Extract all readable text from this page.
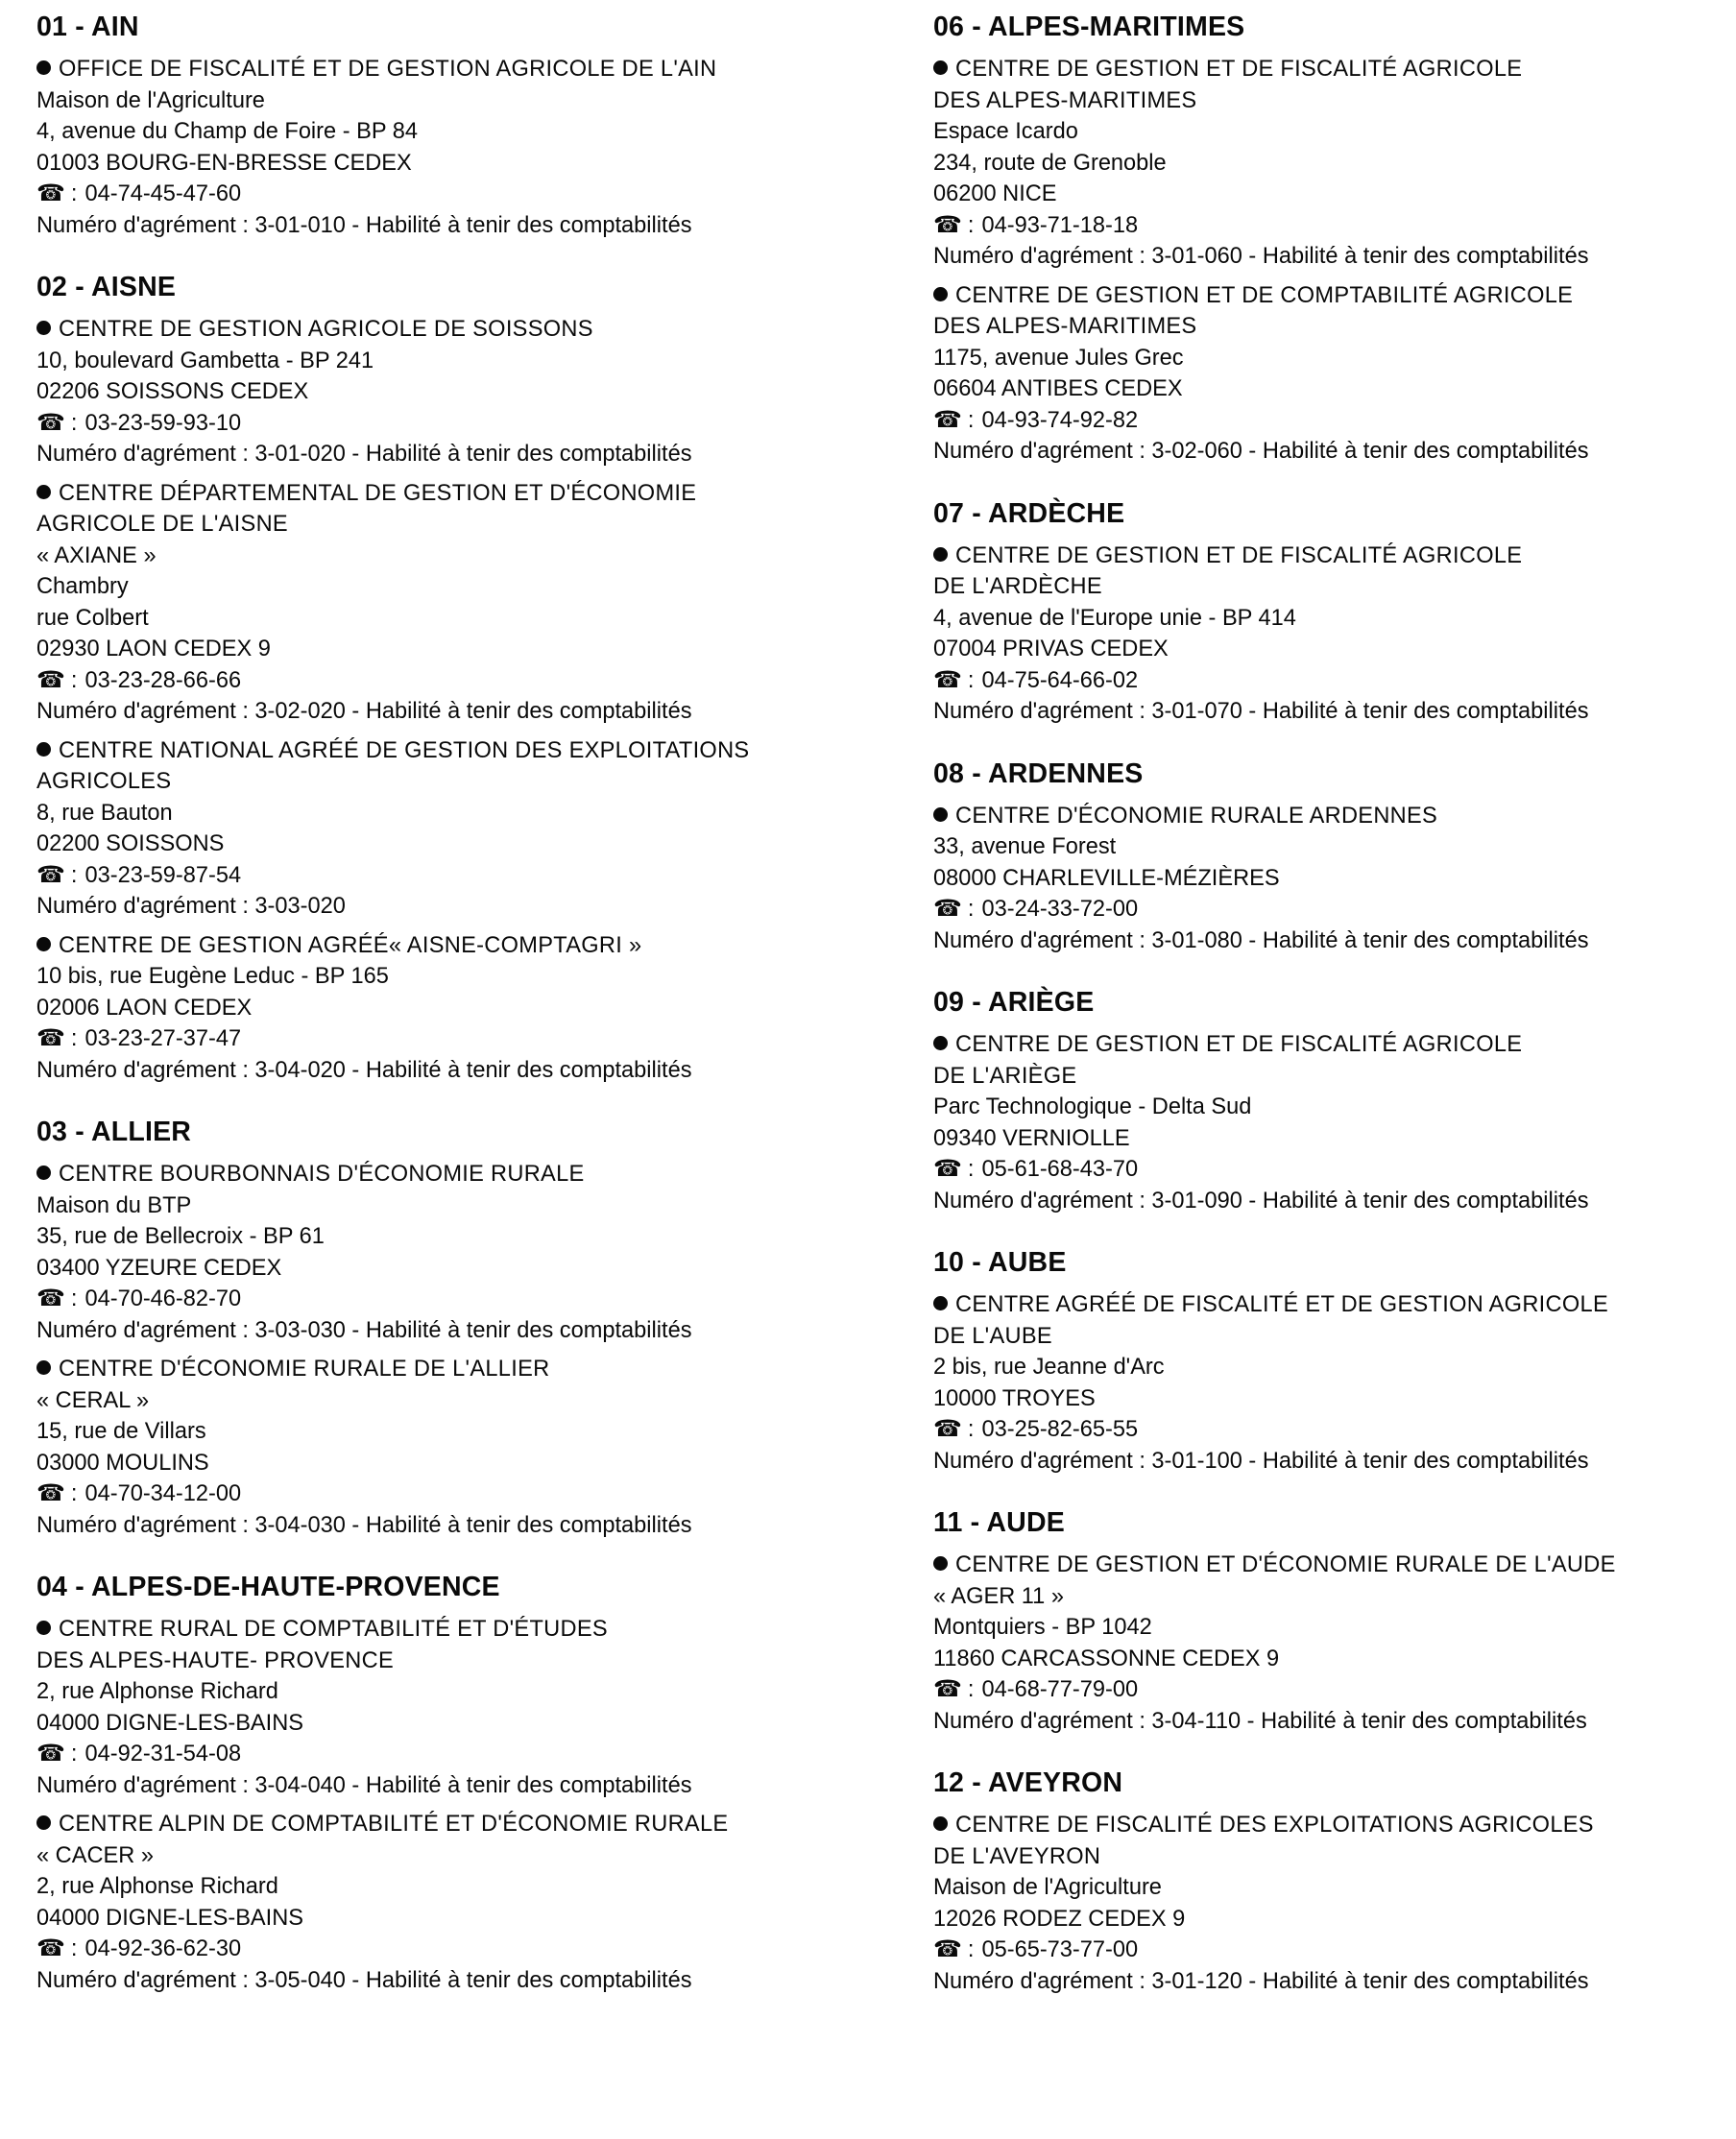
01 - AIN
OFFICE DE FISCALITÉ ET DE GESTION AGRICOLE DE L'AIN
Maison de l'Agriculture
4, avenue du Champ de Foire - BP 84
01003 BOURG-EN-BRESSE CEDEX
☎ : 04-74-45-47-60
Numéro d'agrément : 3-01-010 - Habilité à tenir des comptabilités
02 - AISNE
CENTRE DE GESTION AGRICOLE DE SOISSONS
10, boulevard Gambetta - BP 241
02206 SOISSONS CEDEX
☎ : 03-23-59-93-10
Numéro d'agrément : 3-01-020 - Habilité à tenir des comptabilités
CENTRE DÉPARTEMENTAL DE GESTION ET D'ÉCONOMIE
AGRICOLE DE L'AISNE
« AXIANE »
Chambry
rue Colbert
02930 LAON CEDEX 9
☎ : 03-23-28-66-66
Numéro d'agrément : 3-02-020 - Habilité à tenir des comptabilités
CENTRE NATIONAL AGRÉÉ DE GESTION DES EXPLOITATIONS
AGRICOLES
8, rue Bauton
02200 SOISSONS
☎ : 03-23-59-87-54
Numéro d'agrément : 3-03-020
CENTRE DE GESTION AGRÉÉ« AISNE-COMPTAGRI »
10 bis, rue Eugène Leduc - BP 165
02006 LAON CEDEX
☎ : 03-23-27-37-47
Numéro d'agrément : 3-04-020 - Habilité à tenir des comptabilités
03 - ALLIER
CENTRE BOURBONNAIS D'ÉCONOMIE RURALE
Maison du BTP
35, rue de Bellecroix - BP 61
03400 YZEURE CEDEX
☎ : 04-70-46-82-70
Numéro d'agrément : 3-03-030 - Habilité à tenir des comptabilités
CENTRE D'ÉCONOMIE RURALE DE L'ALLIER
« CERAL »
15, rue de Villars
03000 MOULINS
☎ : 04-70-34-12-00
Numéro d'agrément : 3-04-030 - Habilité à tenir des comptabilités
04 - ALPES-DE-HAUTE-PROVENCE
CENTRE RURAL DE COMPTABILITÉ ET D'ÉTUDES
DES ALPES-HAUTE- PROVENCE
2, rue Alphonse Richard
04000 DIGNE-LES-BAINS
☎ : 04-92-31-54-08
Numéro d'agrément : 3-04-040 - Habilité à tenir des comptabilités
CENTRE ALPIN DE COMPTABILITÉ ET D'ÉCONOMIE RURALE
« CACER »
2, rue Alphonse Richard
04000 DIGNE-LES-BAINS
☎ : 04-92-36-62-30
Numéro d'agrément : 3-05-040 - Habilité à tenir des comptabilités
06 - ALPES-MARITIMES
CENTRE DE GESTION ET DE FISCALITÉ AGRICOLE
DES ALPES-MARITIMES
Espace Icardo
234, route de Grenoble
06200 NICE
☎ : 04-93-71-18-18
Numéro d'agrément : 3-01-060 - Habilité à tenir des comptabilités
CENTRE DE GESTION ET DE COMPTABILITÉ AGRICOLE
DES ALPES-MARITIMES
1175, avenue Jules Grec
06604 ANTIBES CEDEX
☎ : 04-93-74-92-82
Numéro d'agrément : 3-02-060 - Habilité à tenir des comptabilités
07 - ARDÈCHE
CENTRE DE GESTION ET DE FISCALITÉ AGRICOLE
DE L'ARDÈCHE
4, avenue de l'Europe unie - BP 414
07004 PRIVAS CEDEX
☎ : 04-75-64-66-02
Numéro d'agrément : 3-01-070 - Habilité à tenir des comptabilités
08 - ARDENNES
CENTRE D'ÉCONOMIE RURALE ARDENNES
33, avenue Forest
08000 CHARLEVILLE-MÉZIÈRES
☎ : 03-24-33-72-00
Numéro d'agrément : 3-01-080 - Habilité à tenir des comptabilités
09 - ARIÈGE
CENTRE DE GESTION ET DE FISCALITÉ AGRICOLE
DE L'ARIÈGE
Parc Technologique - Delta Sud
09340 VERNIOLLE
☎ : 05-61-68-43-70
Numéro d'agrément : 3-01-090 - Habilité à tenir des comptabilités
10 - AUBE
CENTRE AGRÉÉ DE FISCALITÉ ET DE GESTION AGRICOLE
DE L'AUBE
2 bis, rue Jeanne d'Arc
10000 TROYES
☎ : 03-25-82-65-55
Numéro d'agrément : 3-01-100 - Habilité à tenir des comptabilités
11 - AUDE
CENTRE DE GESTION ET D'ÉCONOMIE RURALE DE L'AUDE
« AGER 11 »
Montquiers - BP 1042
11860 CARCASSONNE CEDEX 9
☎ : 04-68-77-79-00
Numéro d'agrément : 3-04-110 - Habilité à tenir des comptabilités
12 - AVEYRON
CENTRE DE FISCALITÉ DES EXPLOITATIONS AGRICOLES
DE L'AVEYRON
Maison de l'Agriculture
12026 RODEZ CEDEX 9
☎ : 05-65-73-77-00
Numéro d'agrément : 3-01-120 - Habilité à tenir des comptabilités
